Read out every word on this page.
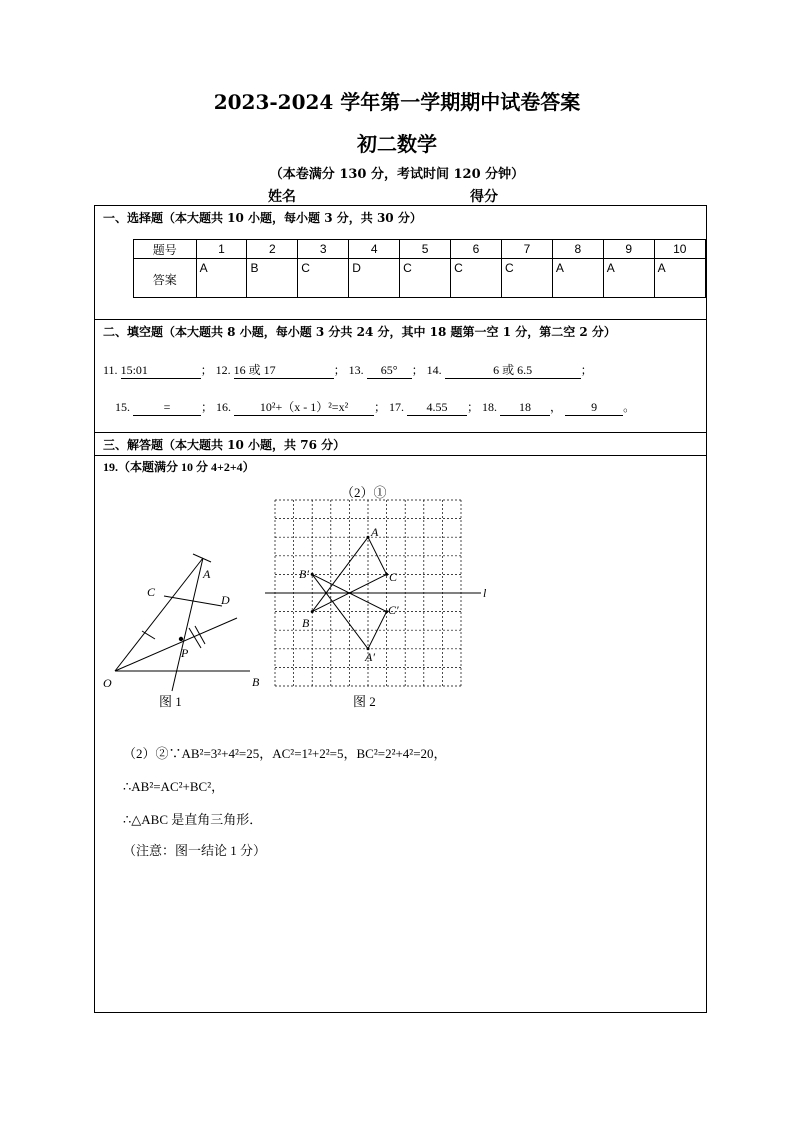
2023-2024 学年第一学期期中试卷答案
初二数学
（本卷满分 130 分，考试时间 120 分钟）
姓名	得分
一、选择题（本大题共 10 小题，每小题 3 分，共 30 分）
题号	1	2	3	4	5	6	7	8	9	10
答案	A	B	C	D	C	C	C	A	A	A
二、填空题（本大题共 8 小题，每小题 3 分共 24 分，其中 18 题第一空 1 分，第二空 2 分）
11. 15:01	； 12. 16 或 17	； 13. 65° ； 14.	6 或 6.5	；
15.	=	； 16. 10²+（x - 1）²=x² ； 17. 4.55 ； 18. 18 ， 9 。
三、解答题（本大题共 10 小题，共 76 分）
19.（本题满分 10 分 4+2+4）
A
C
D
P
O	B
图 1
（2）①
A
B′	C
B
C′
A′
l
图 2
（2）②∵AB²=3²+4²=25，AC²=1²+2²=5，BC²=2²+4²=20，
∴AB²=AC²+BC²，
∴△ABC 是直角三角形．
（注意：图一结论 1 分）
